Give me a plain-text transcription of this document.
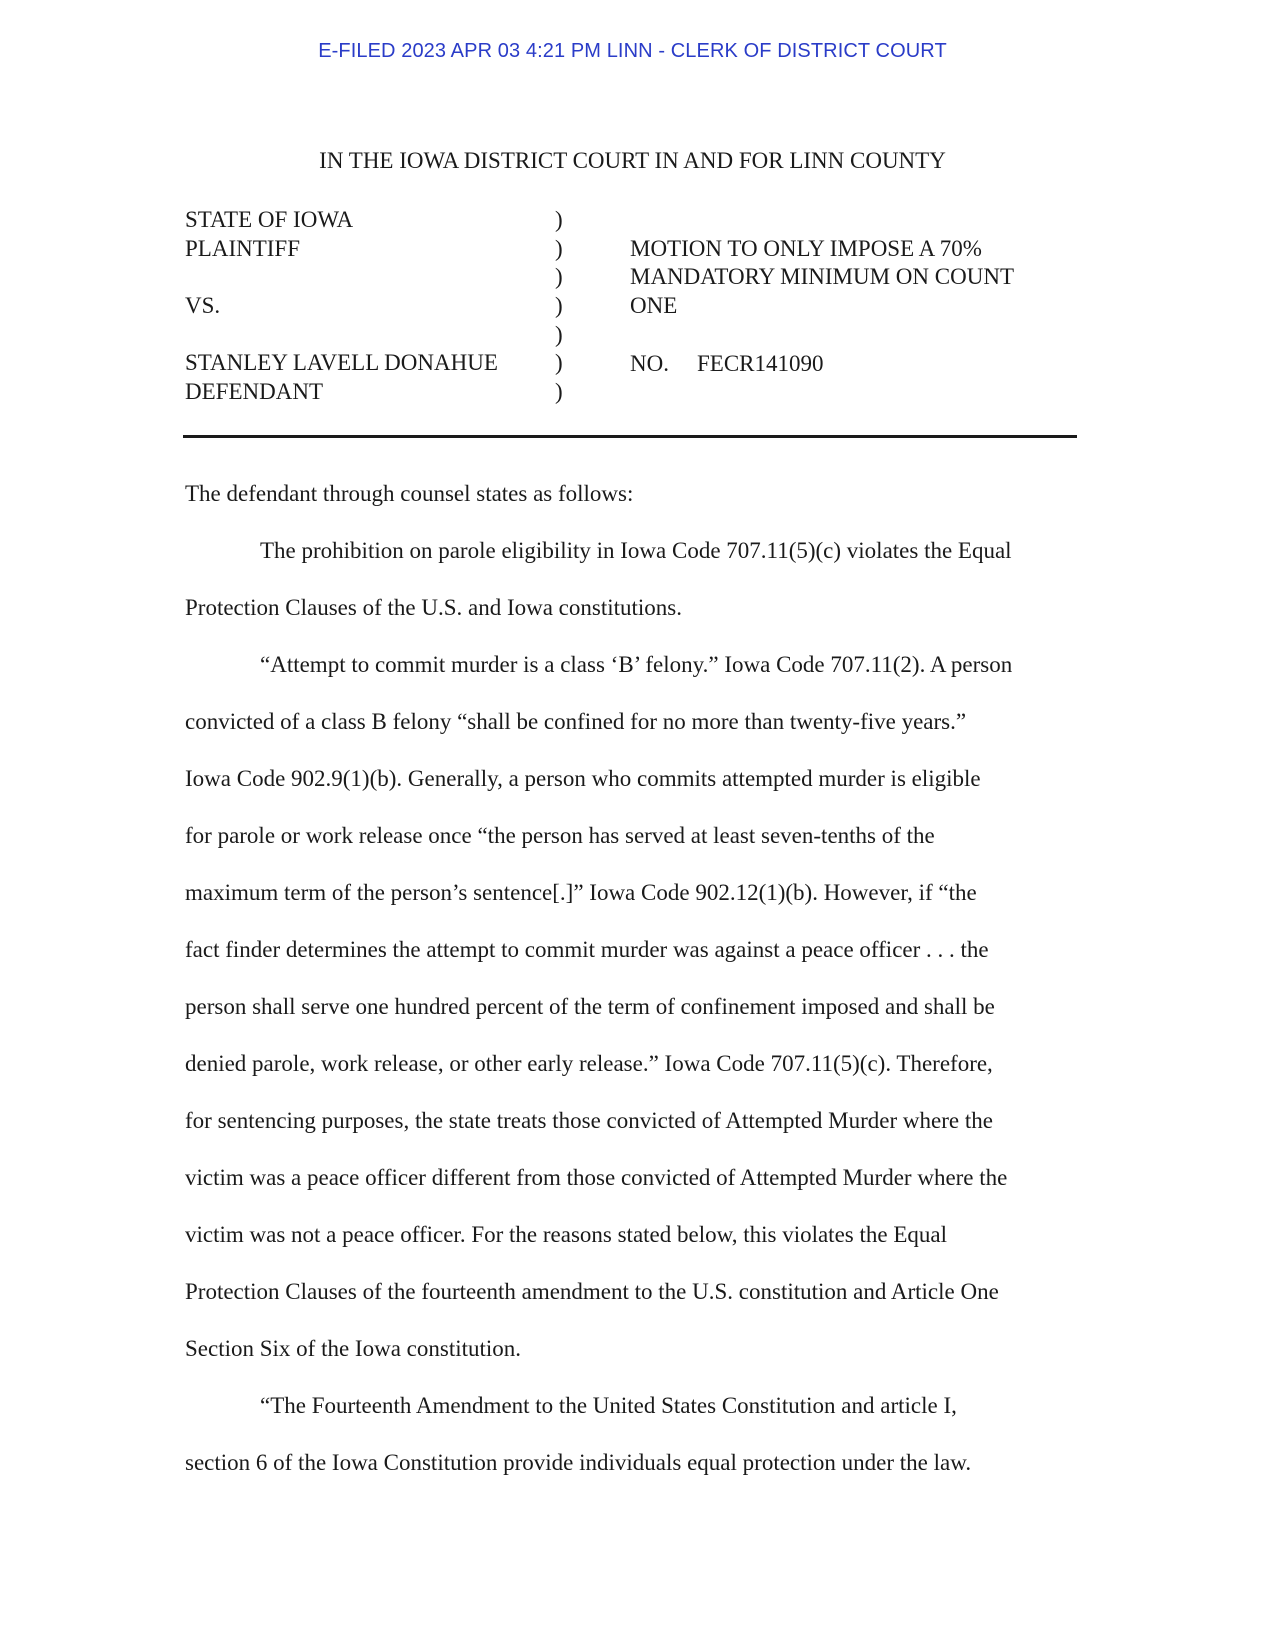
E-FILED 2023 APR 03 4:21 PM LINN - CLERK OF DISTRICT COURT
IN THE IOWA DISTRICT COURT IN AND FOR LINN COUNTY
STATE OF IOWA
PLAINTIFF
VS.
STANLEY LAVELL DONAHUE
DEFENDANT
)
)
)
)
)
)
)
MOTION TO ONLY IMPOSE A 70%
MANDATORY MINIMUM ON COUNT
ONE
NO. FECR141090
The defendant through counsel states as follows:
The prohibition on parole eligibility in Iowa Code 707.11(5)(c) violates the Equal
Protection Clauses of the U.S. and Iowa constitutions.
“Attempt to commit murder is a class ‘B’ felony.” Iowa Code 707.11(2). A person
convicted of a class B felony “shall be confined for no more than twenty-five years.”
Iowa Code 902.9(1)(b). Generally, a person who commits attempted murder is eligible
for parole or work release once “the person has served at least seven-tenths of the
maximum term of the person’s sentence[.]” Iowa Code 902.12(1)(b). However, if “the
fact finder determines the attempt to commit murder was against a peace officer . . . the
person shall serve one hundred percent of the term of confinement imposed and shall be
denied parole, work release, or other early release.” Iowa Code 707.11(5)(c). Therefore,
for sentencing purposes, the state treats those convicted of Attempted Murder where the
victim was a peace officer different from those convicted of Attempted Murder where the
victim was not a peace officer. For the reasons stated below, this violates the Equal
Protection Clauses of the fourteenth amendment to the U.S. constitution and Article One
Section Six of the Iowa constitution.
“The Fourteenth Amendment to the United States Constitution and article I,
section 6 of the Iowa Constitution provide individuals equal protection under the law.
